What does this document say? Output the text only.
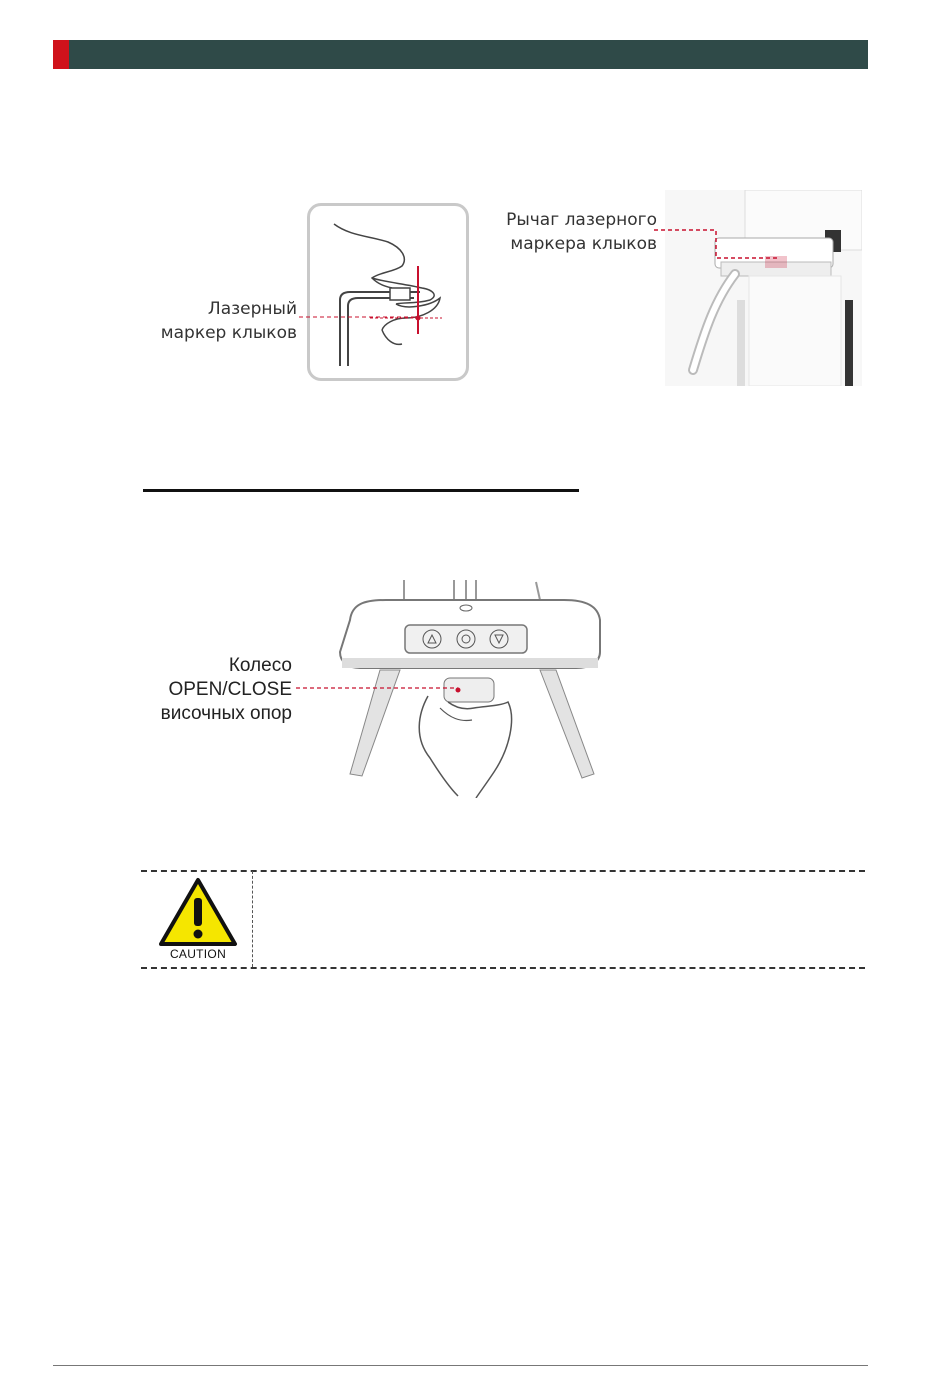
Лазерный
маркер клыков
Рычаг лазерного
маркера клыков
Колесо
OPEN/CLOSE
височных опор
CAUTION
